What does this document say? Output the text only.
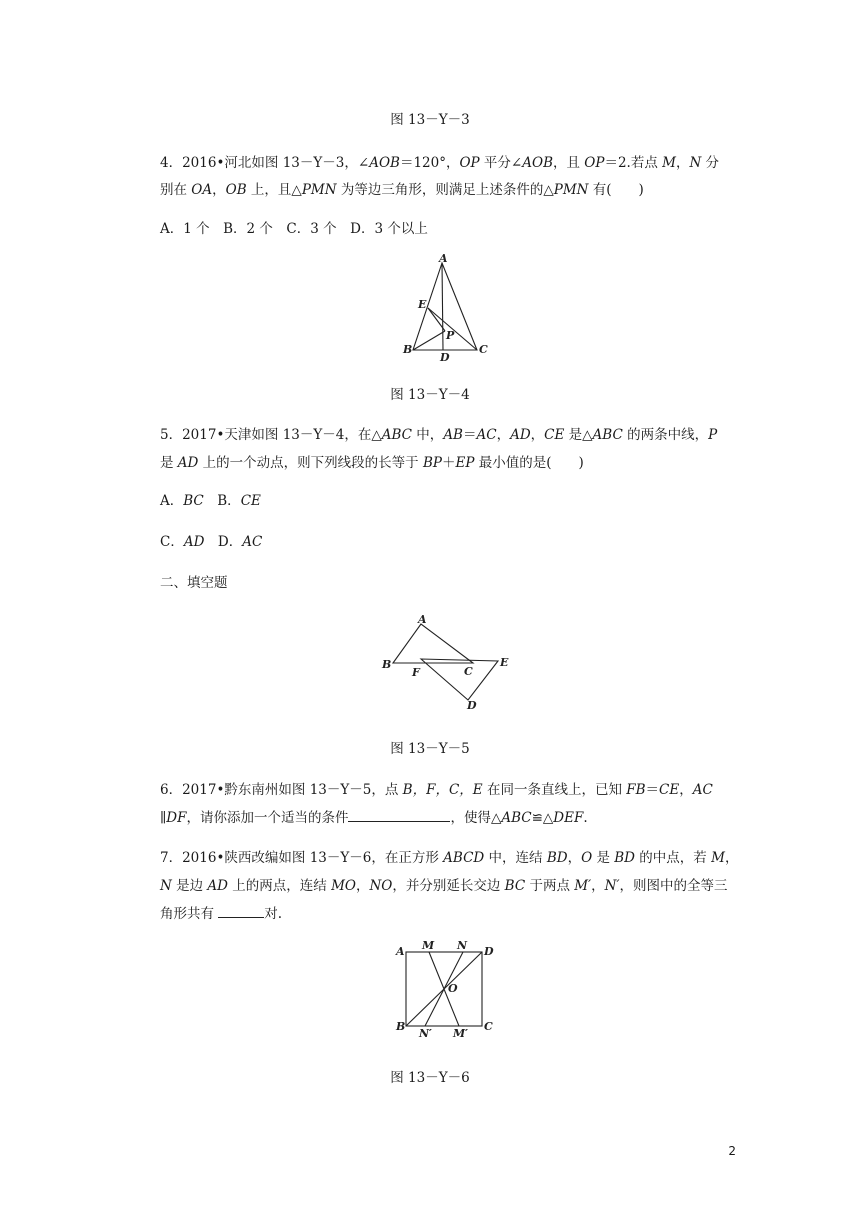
图 13－Y－3
4．2016•河北如图 13－Y－3，∠AOB＝120°，OP 平分∠AOB，且 OP＝2.若点 M，N 分
别在 OA，OB 上，且△PMN 为等边三角形，则满足上述条件的△PMN 有(　　)
A．1 个　B．2 个　C．3 个　D．3 个以上
A
E
P
B
D
C
图 13－Y－4
5．2017•天津如图 13－Y－4，在△ABC 中，AB＝AC，AD，CE 是△ABC 的两条中线，P
是 AD 上的一个动点，则下列线段的长等于 BP＋EP 最小值的是(　　)
A．BC　B．CE
C．AD　D．AC
二、填空题
A
B
F	C
E
D
图 13－Y－5
6．2017•黔东南州如图 13－Y－5，点 B，F，C，E 在同一条直线上，已知 FB＝CE，AC
∥DF，请你添加一个适当的条件	，使得△ABC≌△DEF.
7．2016•陕西改编如图 13－Y－6，在正方形 ABCD 中，连结 BD，O 是 BD 的中点，若 M，
N 是边 AD 上的两点，连结 MO，NO，并分别延长交边 BC 于两点 M′，N′，则图中的全等三
角形共有	对.
A M N D
O
B
N′ M′
C
图 13－Y－6
2
